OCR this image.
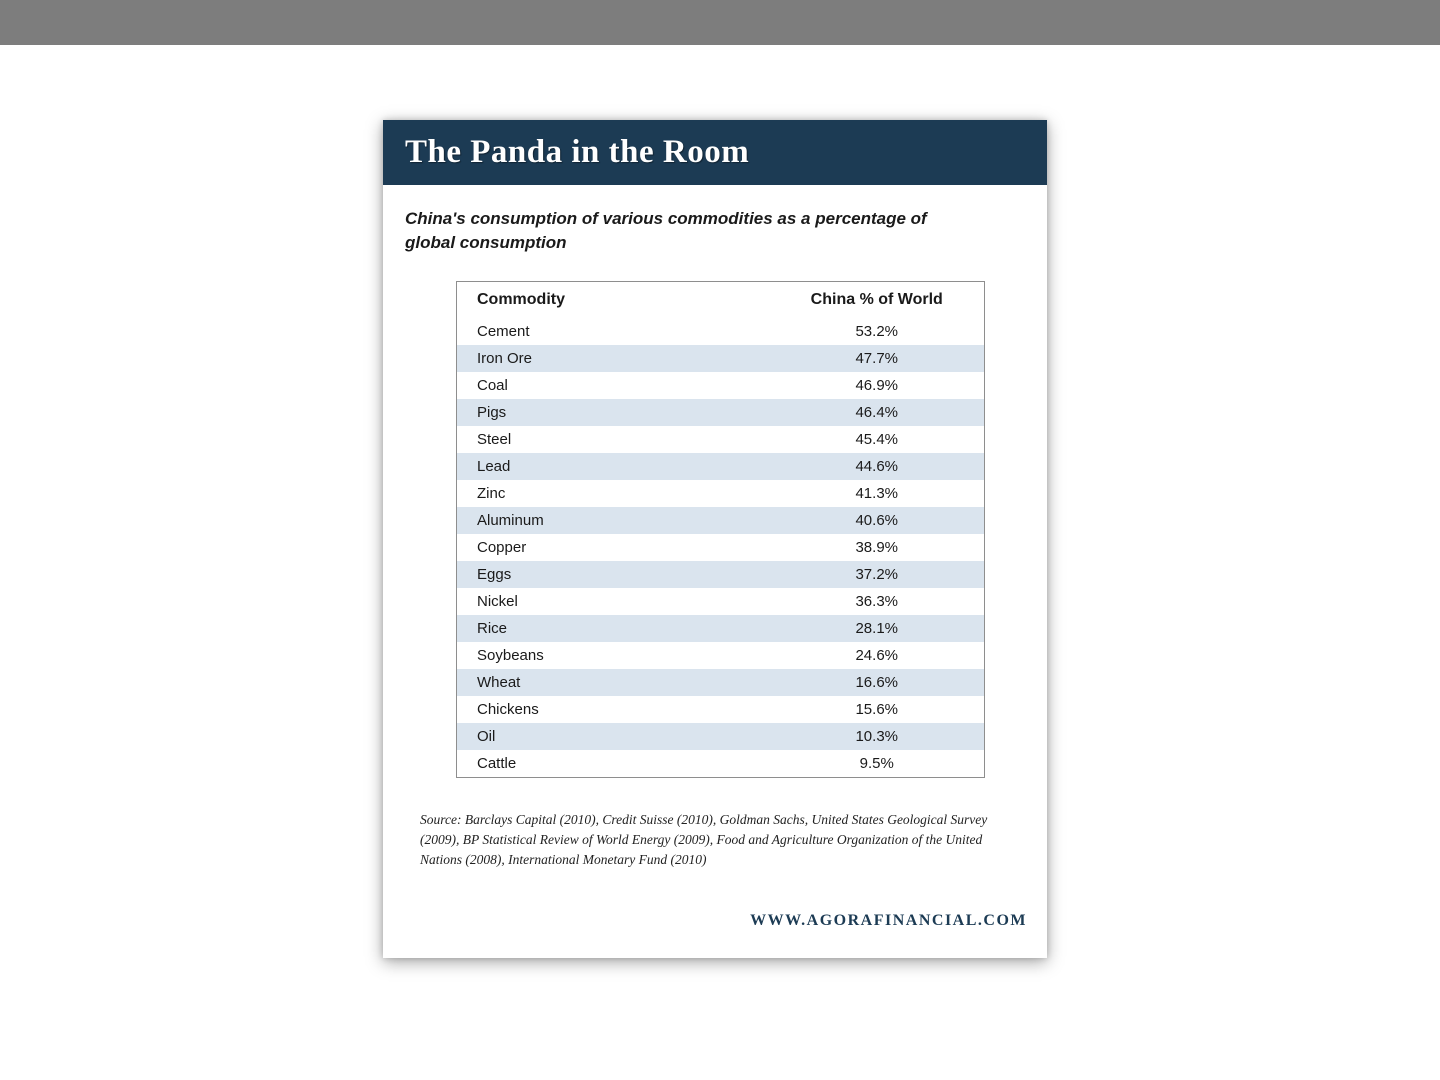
The Panda in the Room
China's consumption of various commodities as a percentage of global consumption
Commodity	China % of World
Cement	53.2%
Iron Ore	47.7%
Coal	46.9%
Pigs	46.4%
Steel	45.4%
Lead	44.6%
Zinc	41.3%
Aluminum	40.6%
Copper	38.9%
Eggs	37.2%
Nickel	36.3%
Rice	28.1%
Soybeans	24.6%
Wheat	16.6%
Chickens	15.6%
Oil	10.3%
Cattle	9.5%
Source: Barclays Capital (2010), Credit Suisse (2010), Goldman Sachs, United States Geological Survey (2009), BP Statistical Review of World Energy (2009), Food and Agriculture Organization of the United Nations (2008), International Monetary Fund (2010)
WWW.AGORAFINANCIAL.COM
